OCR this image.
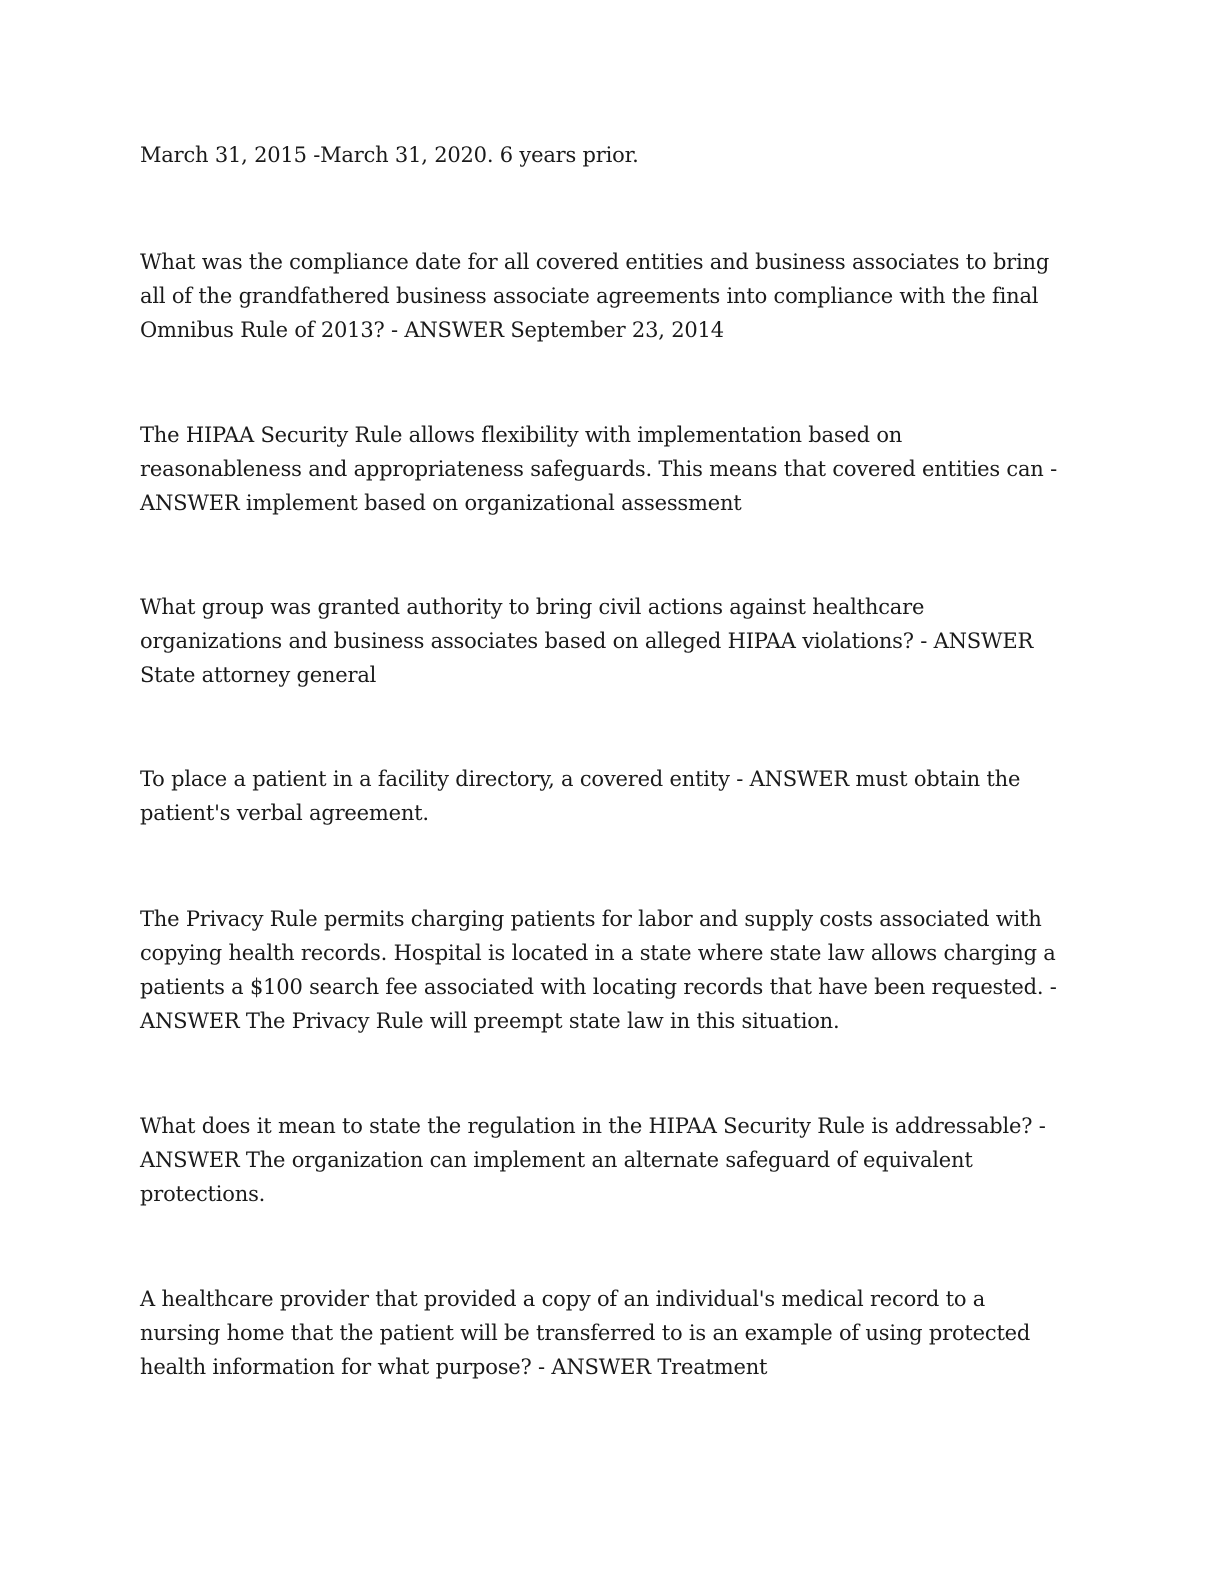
March 31, 2015 -March 31, 2020. 6 years prior.

What was the compliance date for all covered entities and business associates to bring all of the grandfathered business associate agreements into compliance with the final Omnibus Rule of 2013? - ANSWER September 23, 2014

The HIPAA Security Rule allows flexibility with implementation based on reasonableness and appropriateness safeguards. This means that covered entities can - ANSWER implement based on organizational assessment

What group was granted authority to bring civil actions against healthcare organizations and business associates based on alleged HIPAA violations? - ANSWER State attorney general

To place a patient in a facility directory, a covered entity - ANSWER must obtain the patient's verbal agreement.

The Privacy Rule permits charging patients for labor and supply costs associated with copying health records. Hospital is located in a state where state law allows charging a patients a $100 search fee associated with locating records that have been requested. - ANSWER The Privacy Rule will preempt state law in this situation.

What does it mean to state the regulation in the HIPAA Security Rule is addressable? - ANSWER The organization can implement an alternate safeguard of equivalent protections.

A healthcare provider that provided a copy of an individual's medical record to a nursing home that the patient will be transferred to is an example of using protected health information for what purpose? - ANSWER Treatment
